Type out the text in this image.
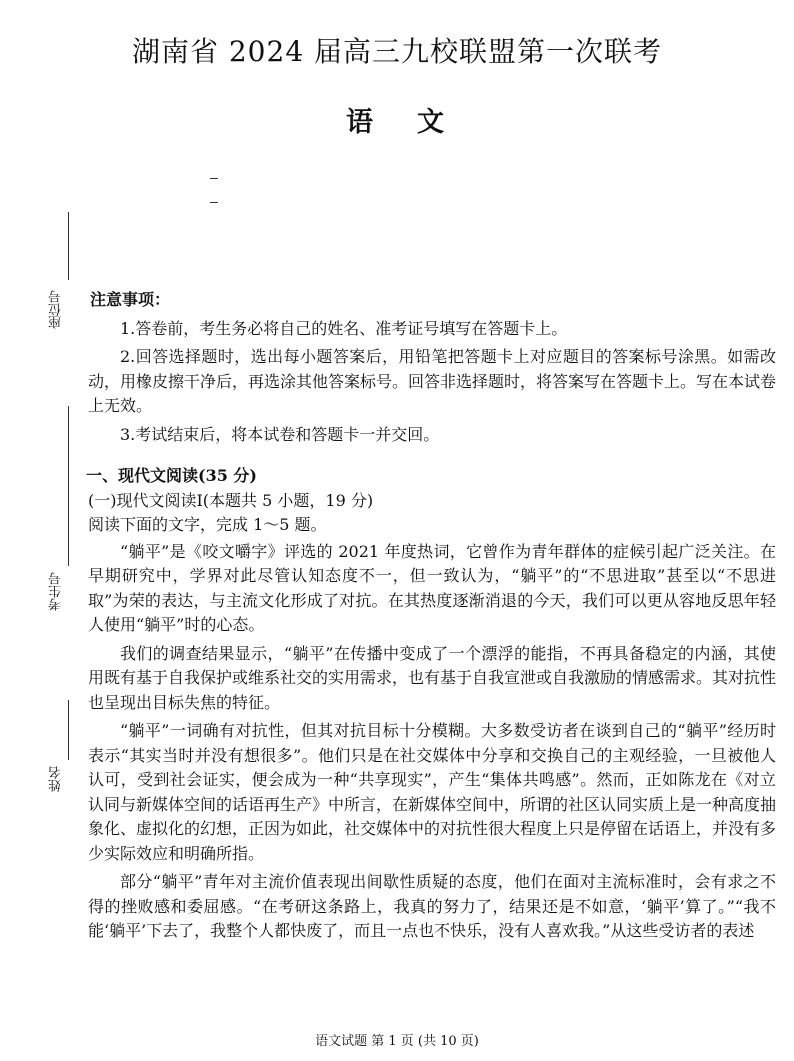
湖南省 2024 届高三九校联盟第一次联考
语文
座位号
考生号
姓名

注意事项：

1.答卷前，考生务必将自己的姓名、准考证号填写在答题卡上。

2.回答选择题时，选出每小题答案后，用铅笔把答题卡上对应题目的答案标号涂黑。如需改动，用橡皮擦干净后，再选涂其他答案标号。回答非选择题时，将答案写在答题卡上。写在本试卷上无效。

3.考试结束后，将本试卷和答题卡一并交回。

一、现代文阅读(35 分)

(一)现代文阅读Ⅰ(本题共 5 小题，19 分)

阅读下面的文字，完成 1～5 题。

“躺平”是《咬文嚼字》评选的 2021 年度热词，它曾作为青年群体的症候引起广泛关注。在早期研究中，学界对此尽管认知态度不一，但一致认为，“躺平”的“不思进取”甚至以“不思进取”为荣的表达，与主流文化形成了对抗。在其热度逐渐消退的今天，我们可以更从容地反思年轻人使用“躺平”时的心态。

我们的调查结果显示，“躺平”在传播中变成了一个漂浮的能指，不再具备稳定的内涵，其使用既有基于自我保护或维系社交的实用需求，也有基于自我宣泄或自我激励的情感需求。其对抗性也呈现出目标失焦的特征。

“躺平”一词确有对抗性，但其对抗目标十分模糊。大多数受访者在谈到自己的“躺平”经历时表示“其实当时并没有想很多”。他们只是在社交媒体中分享和交换自己的主观经验，一旦被他人认可，受到社会证实，便会成为一种“共享现实”，产生“集体共鸣感”。然而，正如陈龙在《对立认同与新媒体空间的话语再生产》中所言，在新媒体空间中，所谓的社区认同实质上是一种高度抽象化、虚拟化的幻想，正因为如此，社交媒体中的对抗性很大程度上只是停留在话语上，并没有多少实际效应和明确所指。

部分“躺平”青年对主流价值表现出间歇性质疑的态度，他们在面对主流标准时，会有求之不得的挫败感和委屈感。“在考研这条路上，我真的努力了，结果还是不如意，‘躺平’算了。”“我不能‘躺平’下去了，我整个人都快废了，而且一点也不快乐，没有人喜欢我。”从这些受访者的表述

语文试题 第 1 页 (共 10 页)
